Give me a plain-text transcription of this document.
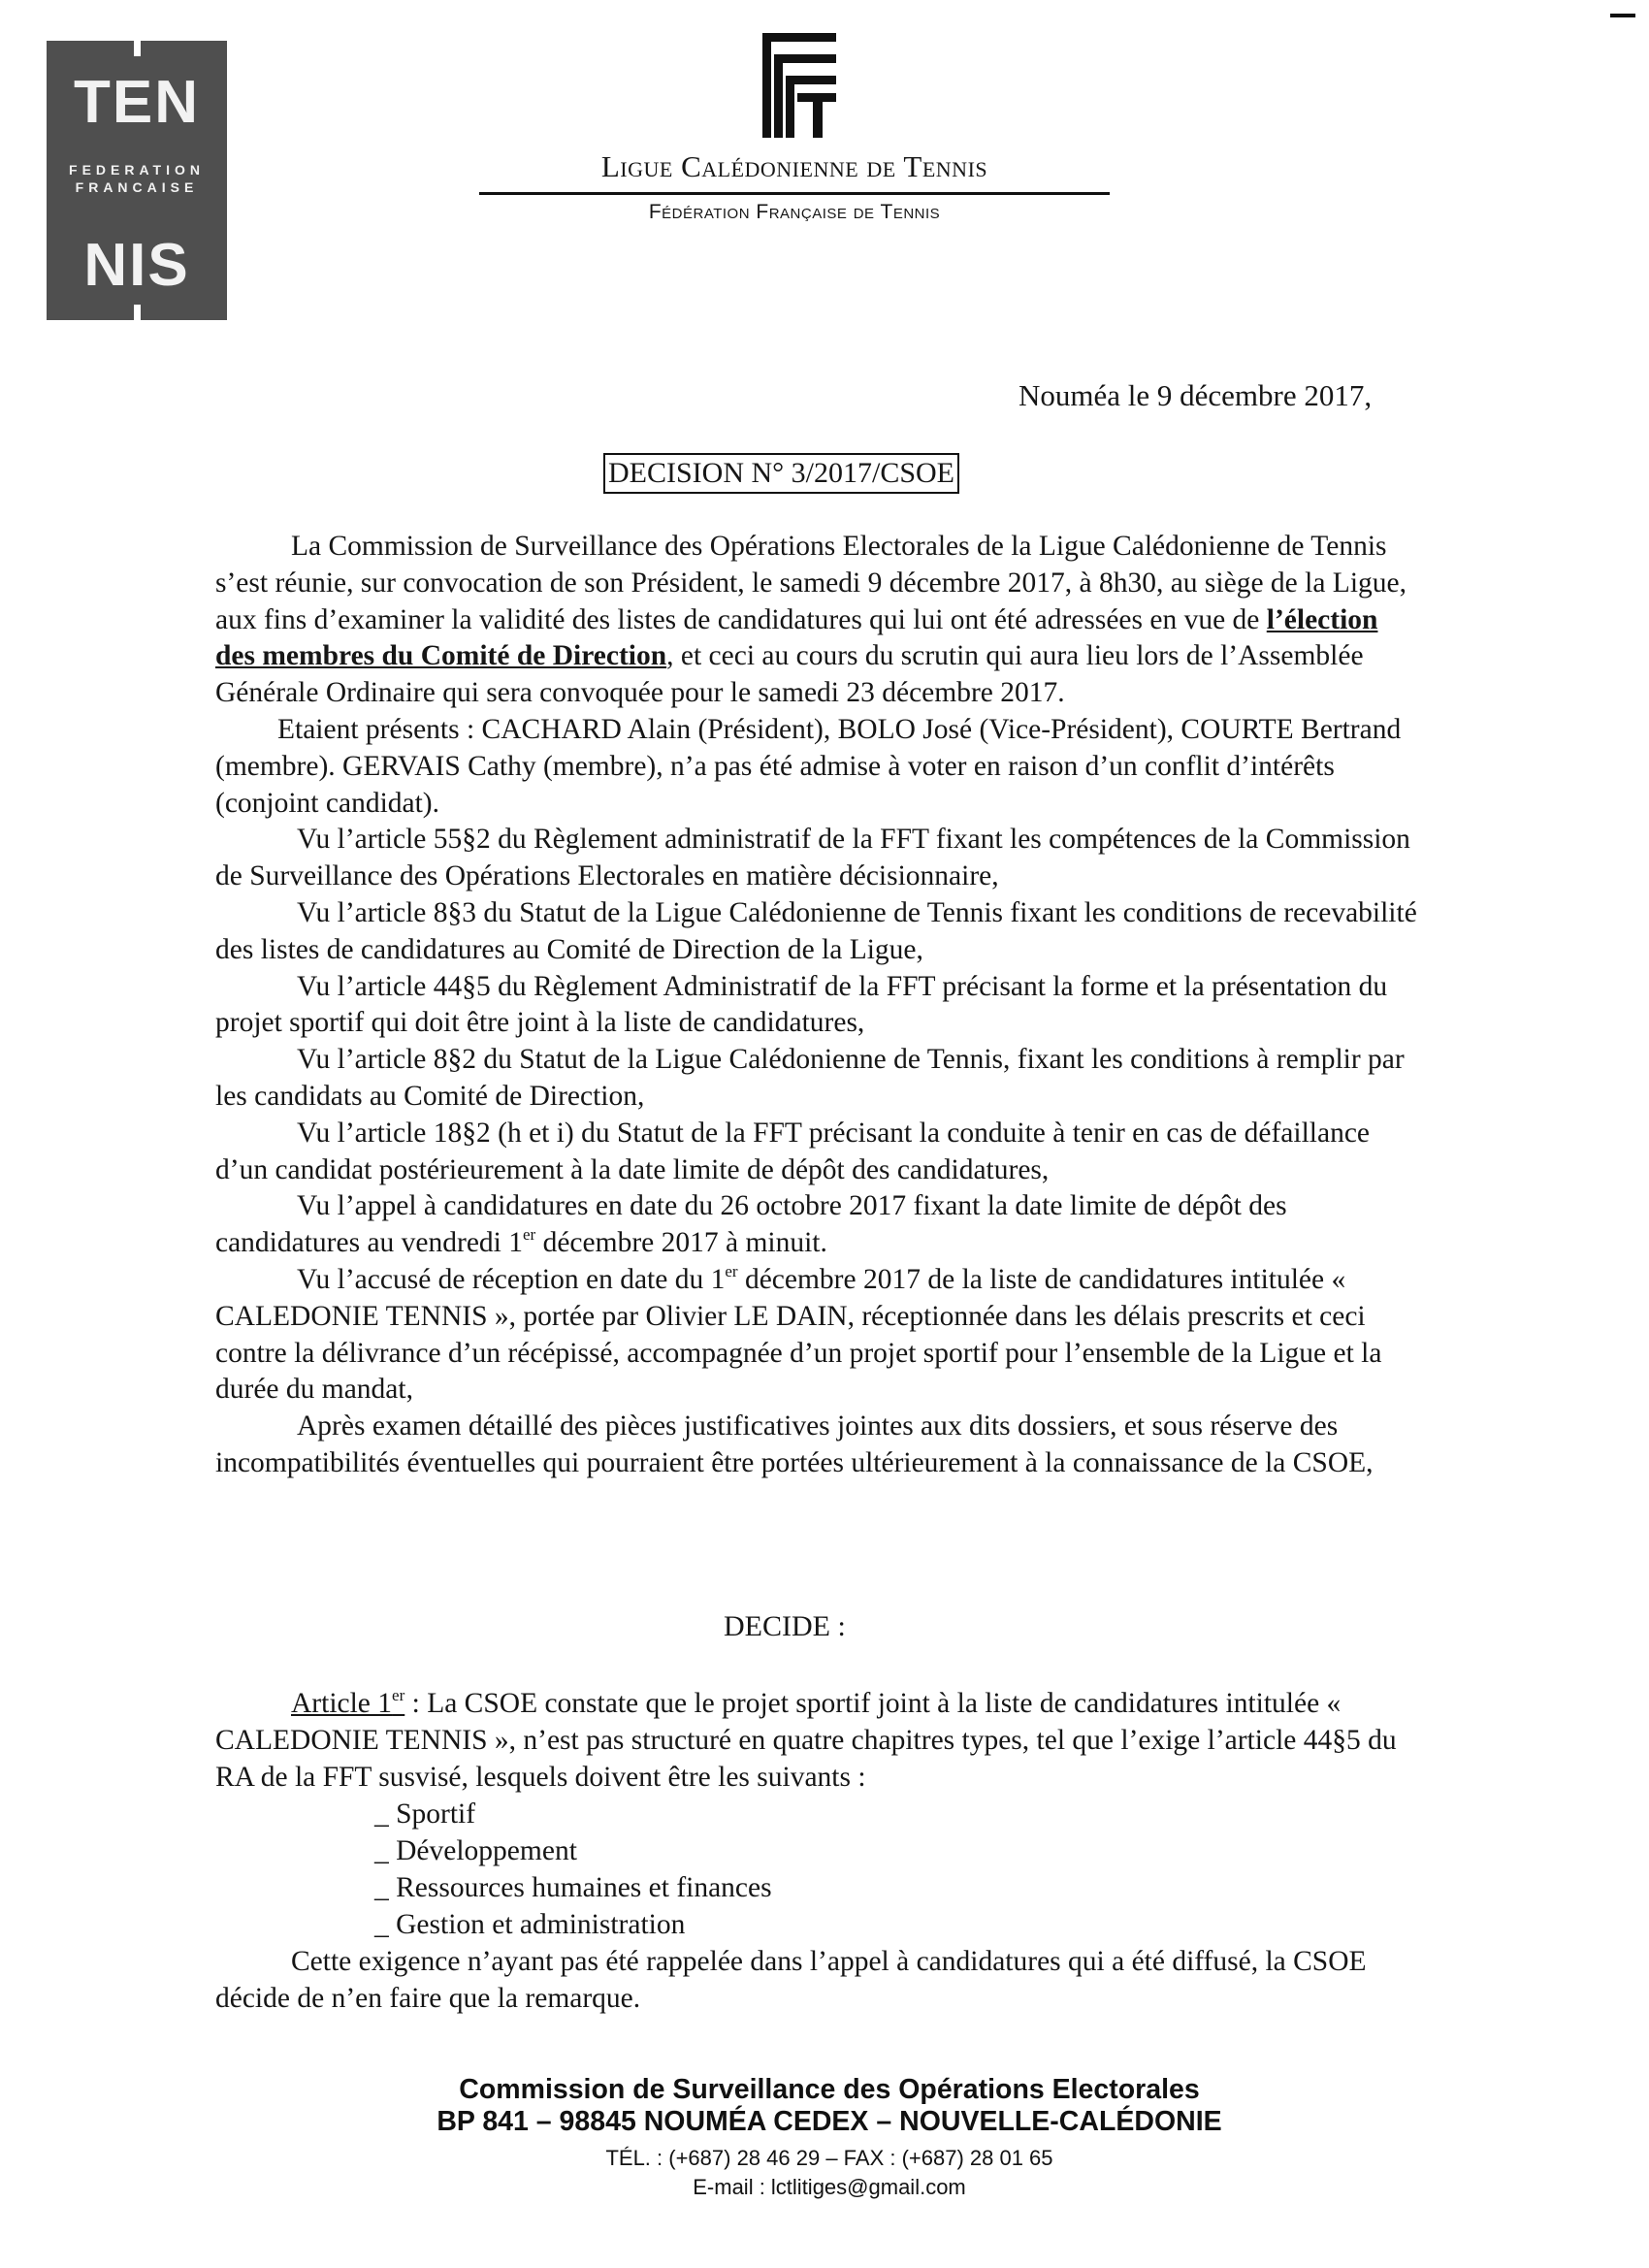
TEN
FEDERATION
FRANCAISE
NIS
Ligue Calédonienne de Tennis
Fédération Française de Tennis
Nouméa le 9 décembre 2017,
DECISION N° 3/2017/CSOE

La Commission de Surveillance des Opérations Electorales de la Ligue Calédonienne de Tennis s’est réunie, sur convocation de son Président, le samedi 9 décembre 2017, à 8h30, au siège de la Ligue, aux fins d’examiner la validité des listes de candidatures qui lui ont été adressées en vue de l’élection des membres du Comité de Direction, et ceci au cours du scrutin qui aura lieu lors de l’Assemblée Générale Ordinaire qui sera convoquée pour le samedi 23 décembre 2017.

Etaient présents : CACHARD Alain (Président), BOLO José (Vice-Président), COURTE Bertrand (membre). GERVAIS Cathy (membre), n’a pas été admise à voter en raison d’un conflit d’intérêts (conjoint candidat).

Vu l’article 55§2 du Règlement administratif de la FFT fixant les compétences de la Commission de Surveillance des Opérations Electorales en matière décisionnaire,

Vu l’article 8§3 du Statut de la Ligue Calédonienne de Tennis fixant les conditions de recevabilité des listes de candidatures au Comité de Direction de la Ligue,

Vu l’article 44§5 du Règlement Administratif de la FFT précisant la forme et la présentation du projet sportif qui doit être joint à la liste de candidatures,

Vu l’article 8§2 du Statut de la Ligue Calédonienne de Tennis, fixant les conditions à remplir par les candidats au Comité de Direction,

Vu l’article 18§2 (h et i) du Statut de la FFT précisant la conduite à tenir en cas de défaillance d’un candidat postérieurement à la date limite de dépôt des candidatures,

Vu l’appel à candidatures en date du 26 octobre 2017 fixant la date limite de dépôt des candidatures au vendredi 1er décembre 2017 à minuit.

Vu l’accusé de réception en date du 1er décembre 2017 de la liste de candidatures intitulée « CALEDONIE TENNIS », portée par Olivier LE DAIN, réceptionnée dans les délais prescrits et ceci contre la délivrance d’un récépissé, accompagnée d’un projet sportif pour l’ensemble de la Ligue et la durée du mandat,

Après examen détaillé des pièces justificatives jointes aux dits dossiers, et sous réserve des incompatibilités éventuelles qui pourraient être portées ultérieurement à la connaissance de la CSOE,

DECIDE :

Article 1er : La CSOE constate que le projet sportif joint à la liste de candidatures intitulée « CALEDONIE TENNIS », n’est pas structuré en quatre chapitres types, tel que l’exige l’article 44§5 du RA de la FFT susvisé, lesquels doivent être les suivants :

_ Sportif
_ Développement
_ Ressources humaines et finances
_ Gestion et administration

Cette exigence n’ayant pas été rappelée dans l’appel à candidatures qui a été diffusé, la CSOE décide de n’en faire que la remarque.

Commission de Surveillance des Opérations Electorales
BP 841 – 98845 NOUMÉA CEDEX – NOUVELLE-CALÉDONIE
TÉL. : (+687) 28 46 29 – FAX : (+687) 28 01 65
E-mail : lctlitiges@gmail.com
